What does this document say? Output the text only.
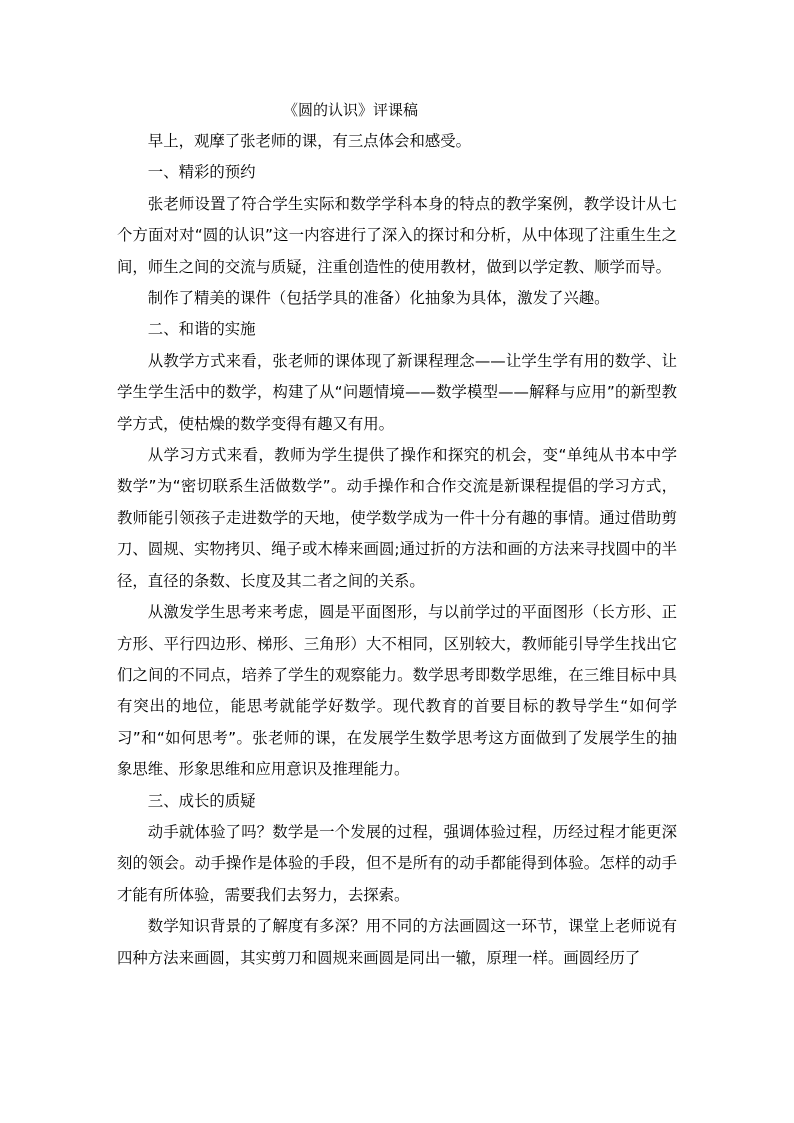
《圆的认识》评课稿

早上，观摩了张老师的课，有三点体会和感受。

一、精彩的预约

张老师设置了符合学生实际和数学学科本身的特点的教学案例，教学设计从七个方面对对“圆的认识”这一内容进行了深入的探讨和分析，从中体现了注重生生之间，师生之间的交流与质疑，注重创造性的使用教材，做到以学定教、顺学而导。

制作了精美的课件（包括学具的准备）化抽象为具体，激发了兴趣。

二、和谐的实施

从教学方式来看，张老师的课体现了新课程理念——让学生学有用的数学、让学生学生活中的数学，构建了从“问题情境——数学模型——解释与应用”的新型教学方式，使枯燥的数学变得有趣又有用。

从学习方式来看，教师为学生提供了操作和探究的机会，变“单纯从书本中学数学”为“密切联系生活做数学”。动手操作和合作交流是新课程提倡的学习方式，教师能引领孩子走进数学的天地，使学数学成为一件十分有趣的事情。通过借助剪刀、圆规、实物拷贝、绳子或木棒来画圆;通过折的方法和画的方法来寻找圆中的半径，直径的条数、长度及其二者之间的关系。

从激发学生思考来考虑，圆是平面图形，与以前学过的平面图形（长方形、正方形、平行四边形、梯形、三角形）大不相同，区别较大，教师能引导学生找出它们之间的不同点，培养了学生的观察能力。数学思考即数学思维，在三维目标中具有突出的地位，能思考就能学好数学。现代教育的首要目标的教导学生“如何学习”和“如何思考”。张老师的课，在发展学生数学思考这方面做到了发展学生的抽象思维、形象思维和应用意识及推理能力。

三、成长的质疑

动手就体验了吗？数学是一个发展的过程，强调体验过程，历经过程才能更深刻的领会。动手操作是体验的手段，但不是所有的动手都能得到体验。怎样的动手才能有所体验，需要我们去努力，去探索。

数学知识背景的了解度有多深？用不同的方法画圆这一环节，课堂上老师说有四种方法来画圆，其实剪刀和圆规来画圆是同出一辙，原理一样。画圆经历了
